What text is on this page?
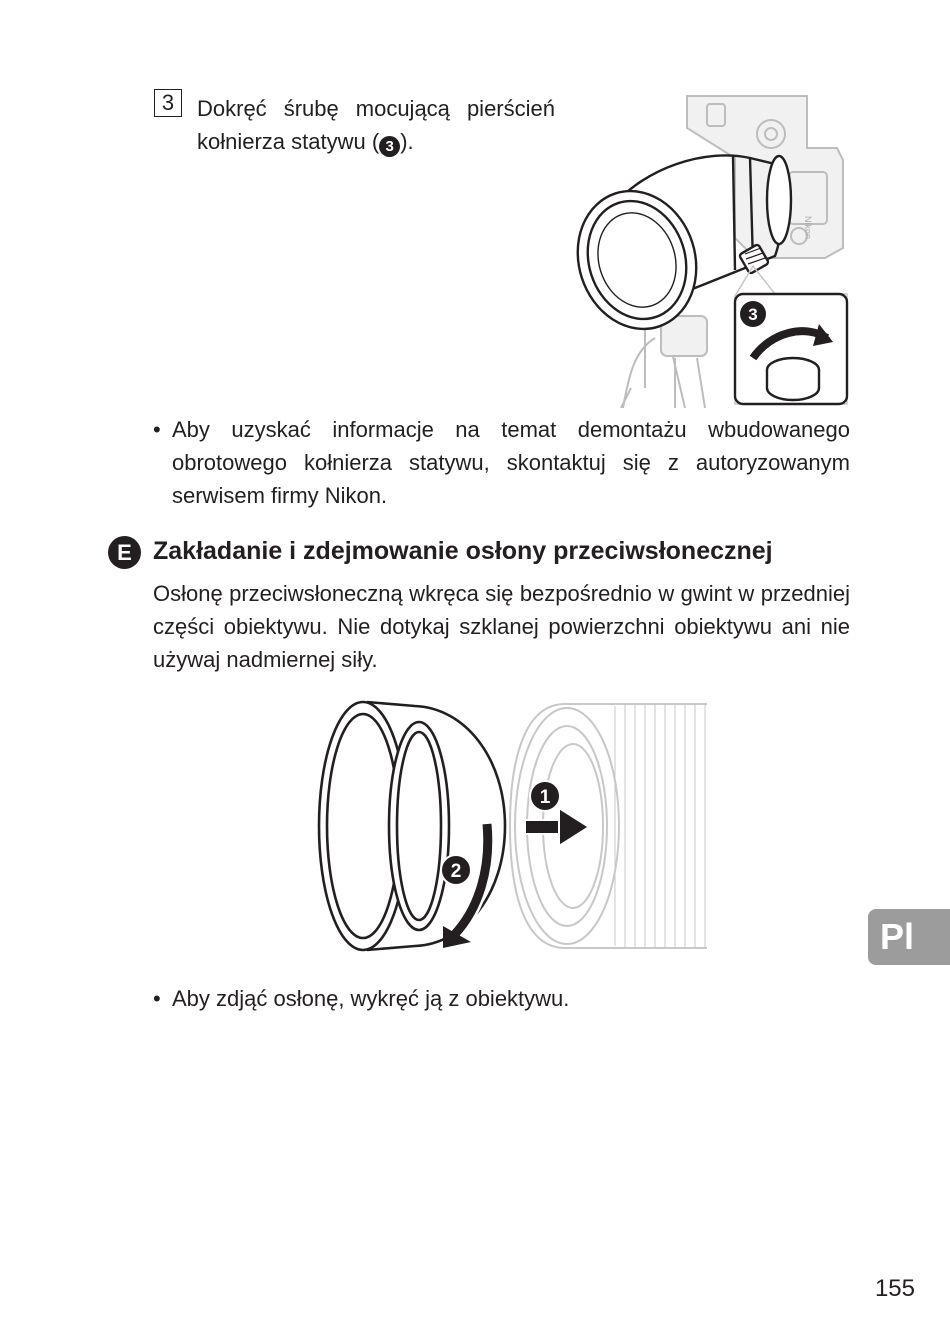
3	Dokręć śrubę mocującą pierścień kołnierza statywu ( 3 ).
Nikon
3
• Aby uzyskać informacje na temat demontażu wbudowanego obrotowego kołnierza statywu, skontaktuj się z autoryzowanym serwisem firmy Nikon.
E Zakładanie i zdejmowanie osłony przeciwsłonecznej
Osłonę przeciwsłoneczną wkręca się bezpośrednio w gwint w przedniej części obiektywu. Nie dotykaj szklanej powierzchni obiektywu ani nie używaj nadmiernej siły.
1
2
• Aby zdjąć osłonę, wykręć ją z obiektywu.
Pl
155
